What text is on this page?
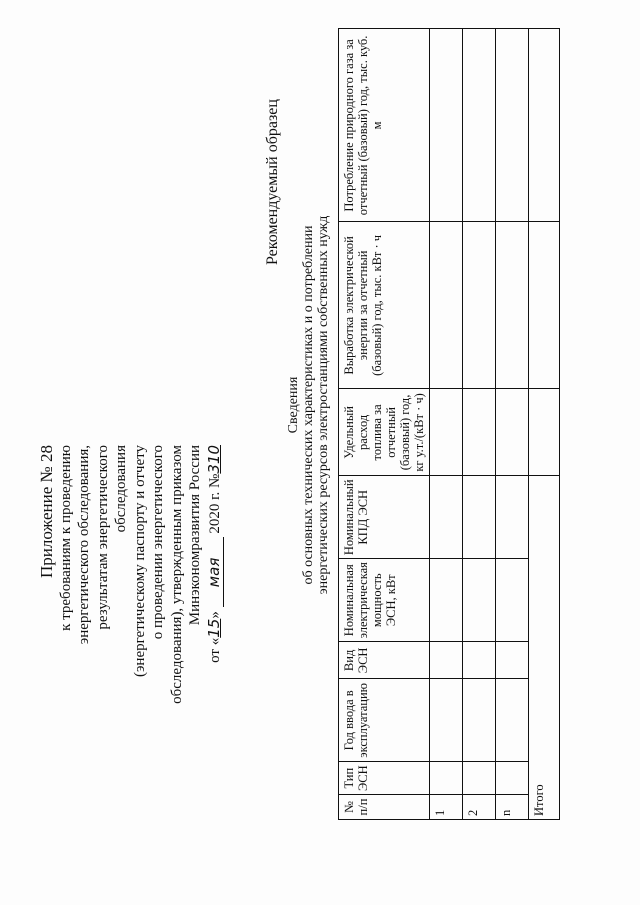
Приложение № 28 к требованиям к проведению энергетического обследования, результатам энергетического обследования (энергетическому паспорту и отчету о проведении энергетического обследования), утвержденным приказом Минэкономразвития России
от «15» мая 2020 г. №310
Рекомендуемый образец
Сведения об основных технических характеристиках и о потреблении энергетических ресурсов электростанциями собственных нужд
№ п/п	Тип ЭСН	Год ввода в эксплуатацию	Вид ЭСН	Номинальная электрическая мощность ЭСН, кВт	Номинальный КПД ЭСН	Удельный расход топлива за отчетный (базовый) год, кг у.т./(кВт · ч)	Выработка электрической энергии за отчетный (базовый) год, тыс. кВт · ч	Потребление природного газа за отчетный (базовый) год, тыс. куб. м
1								
2								
n								
Итого								
